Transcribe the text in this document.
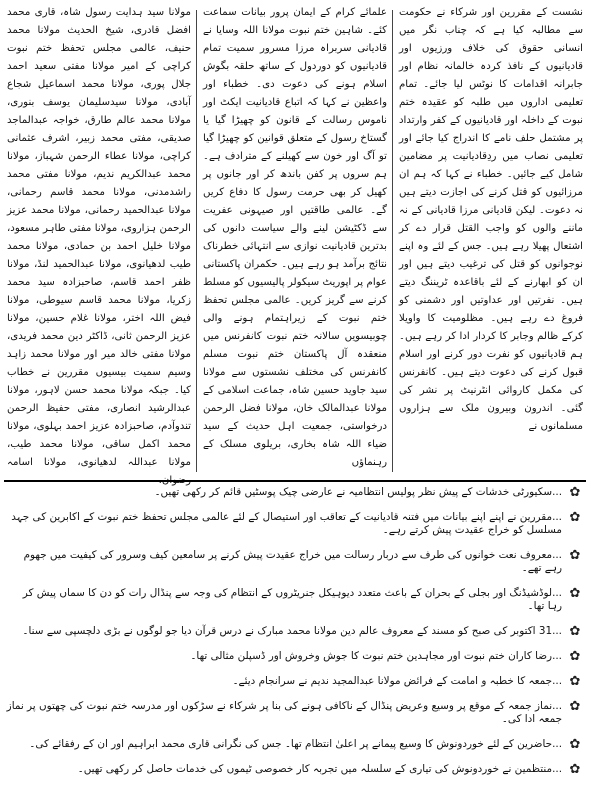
نشست کے مقررین اور شرکاء نے حکومت سے مطالبہ کیا ہے کہ چناب نگر میں انسانی حقوق کی خلاف ورزیوں اور قادیانیوں کے نافذ کردہ خالمانہ نظام اور جابرانہ اقدامات کا نوٹس لیا جائے۔ تمام تعلیمی اداروں میں طلبہ کو عقیدہ ختم نبوت کے داخلہ اور قادیانیوں کے کفر وارتداد پر مشتمل حلف نامے کا اندراج کیا جائے اور تعلیمی نصاب میں ردِقادیانیت پر مضامین شامل کیے جائیں۔ خطباء نے کہا کہ ہم ان مرزائیوں کو قتل کرنے کی اجازت دیتے ہیں نہ دعوت۔ لیکن قادیانی مرزا قادیانی کے نہ ماننے والوں کو واجب القتل قرار دے کر اشتعال پھیلا رہے ہیں۔ جس کے لئے وہ اپنے نوجوانوں کو قتل کی ترغیب دیتے ہیں اور ان کو ابھارنے کے لئے باقاعدہ ٹریننگ دیتے ہیں۔ نفرتیں اور عداوتیں اور دشمنی کو فروغ دے رہے ہیں۔ مظلومیت کا واویلا کرکے ظالم وجابر کا کردار ادا کر رہے ہیں۔ ہم قادیانیوں کو نفرت دور کرنے اور اسلام قبول کرنے کی دعوت دیتے ہیں۔ کانفرنس کی مکمل کاروائی انٹرنیٹ پر نشر کی گئی۔ اندرون وبیرون ملک سے ہزاروں مسلمانوں نے

علمائے کرام کے ایمان پرور بیانات سماعت کئے۔ شاہین ختم نبوت مولانا اللہ وسایا نے قادیانی سربراہ مرزا مسرور سمیت تمام قادیانیوں کو دوردول کے ساتھ حلقہ بگوش اسلام ہونے کی دعوت دی۔ خطباء اور واعظین نے کہا کہ اتباع قادیانیت ایکٹ اور ناموس رسالت کے قانون کو چھیڑا گیا یا گستاخ رسول کے متعلق قوانین کو چھیڑا گیا تو آگ اور خون سے کھیلنے کے مترادف ہے۔ ہم سروں پر کفن باندھ کر اور جانوں پر کھیل کر بھی حرمت رسول کا دفاع کریں گے۔ عالمی طاقتیں اور صیہونی عفریت سے ڈکٹیشن لینے والے سیاست دانوں کی بدترین قادیانیت نوازی سے انتہائی خطرناک نتائج برآمد ہو رہے ہیں۔ حکمران پاکستانی عوام پر اپوریٹ سیکولر پالیسیوں کو مسلط کرنے سے گریز کریں۔ عالمی مجلس تحفظ ختم نبوت کے زیراہتمام ہونے والی چوبیسویں سالانہ ختم نبوت کانفرنس میں منعقدہ آل پاکستان ختم نبوت مسلم کانفرنس کی مختلف نشستوں سے مولانا سید جاوید حسین شاہ، جماعت اسلامی کے مولانا عبدالمالک خان، مولانا فضل الرحمن درخواستی، جمعیت اہل حدیث کے سید ضیاء اللہ شاہ بخاری، بریلوی مسلک کے رہنماؤں

مولانا سید ہدایت رسول شاہ، قاری محمد افضل قادری، شیخ الحدیث مولانا محمد حنیف، عالمی مجلس تحفظ ختم نبوت کراچی کے امیر مولانا مفتی سعید احمد جلال پوری، مولانا محمد اسماعیل شجاع آبادی، مولانا سیدسلیمان یوسف بنوری، مولانا محمد عالم طارق، خواجہ عبدالماجد صدیقی، مفتی محمد زبیر، اشرف عثمانی کراچی، مولانا عطاء الرحمن شہباز، مولانا محمد عبدالکریم ندیم، مولانا مفتی محمد راشدمدنی، مولانا محمد قاسم رحمانی، مولانا عبدالحمید رحمانی، مولانا محمد عزیز الرحمن ہزاروی، مولانا مفتی طاہر مسعود، مولانا خلیل احمد بن حمادی، مولانا محمد طیب لدھیانوی، مولانا عبدالحمید لنڈ، مولانا ظفر احمد قاسم، صاحبزادہ سید محمد زکریا، مولانا محمد قاسم سیوطی، مولانا فیض اللہ اختر، مولانا غلام حسین، مولانا عزیز الرحمن ثانی، ڈاکٹر دین محمد فریدی، مولانا مفتی خالد میر اور مولانا محمد زاہد وسیم سمیت بیسیوں مقررین نے خطاب کیا۔ جبکہ مولانا محمد حسن لاہور، مولانا عبدالرشید انصاری، مفتی حفیظ الرحمن تندوآدم، صاحبزادہ عزیز احمد بہلوی، مولانا محمد اکمل ساقی، مولانا محمد طیب، مولانا عبداللہ لدھیانوی، مولانا اسامہ رضوان،

✿
...سکیورٹی خدشات کے پیش نظر پولیس انتظامیہ نے عارضی چیک پوسٹیں قائم کر رکھی تھیں۔
✿
...مقررین نے اپنے اپنے بیانات میں فتنہ قادیانیت کے تعاقب اور استیصال کے لئے عالمی مجلس تحفظ ختم نبوت کے اکابرین کی جہد مسلسل کو خراج عقیدت پیش کرتے رہے۔
✿
...معروف نعت خوانوں کی طرف سے دربار رسالت میں خراج عقیدت پیش کرنے پر سامعین کیف وسرور کی کیفیت میں جھوم رہے تھے۔
✿
...لوڈشیڈنگ اور بجلی کے بحران کے باعث متعدد دیوہیکل جنریٹروں کے انتظام کی وجہ سے پنڈال رات کو دن کا سماں پیش کر رہا تھا۔
✿
...31 اکتوبر کی صبح کو مسند کے معروف عالم دین مولانا محمد مبارک نے درس قرآن دیا جو لوگوں نے بڑی دلچسپی سے سنا۔
✿
...رضا کاران ختم نبوت اور مجاہدین ختم نبوت کا جوش وخروش اور ڈسپلن مثالی تھا۔
✿
...جمعہ کا خطبہ و امامت کے فرائض مولانا عبدالمجید ندیم نے سرانجام دیئے۔
✿
...نماز جمعہ کے موقع پر وسیع وعریض پنڈال کے ناکافی ہونے کی بنا پر شرکاء نے سڑکوں اور مدرسہ ختم نبوت کی چھتوں پر نماز جمعہ ادا کی۔
✿
...حاضرین کے لئے خوردونوش کا وسیع پیمانے پر اعلیٰ انتظام تھا۔ جس کی نگرانی قاری محمد ابراہیم اور ان کے رفقائے کی۔
✿
...منتظمین نے خوردونوش کی تیاری کے سلسلہ میں تجربہ کار خصوصی ٹیموں کی خدمات حاصل کر رکھی تھیں۔
